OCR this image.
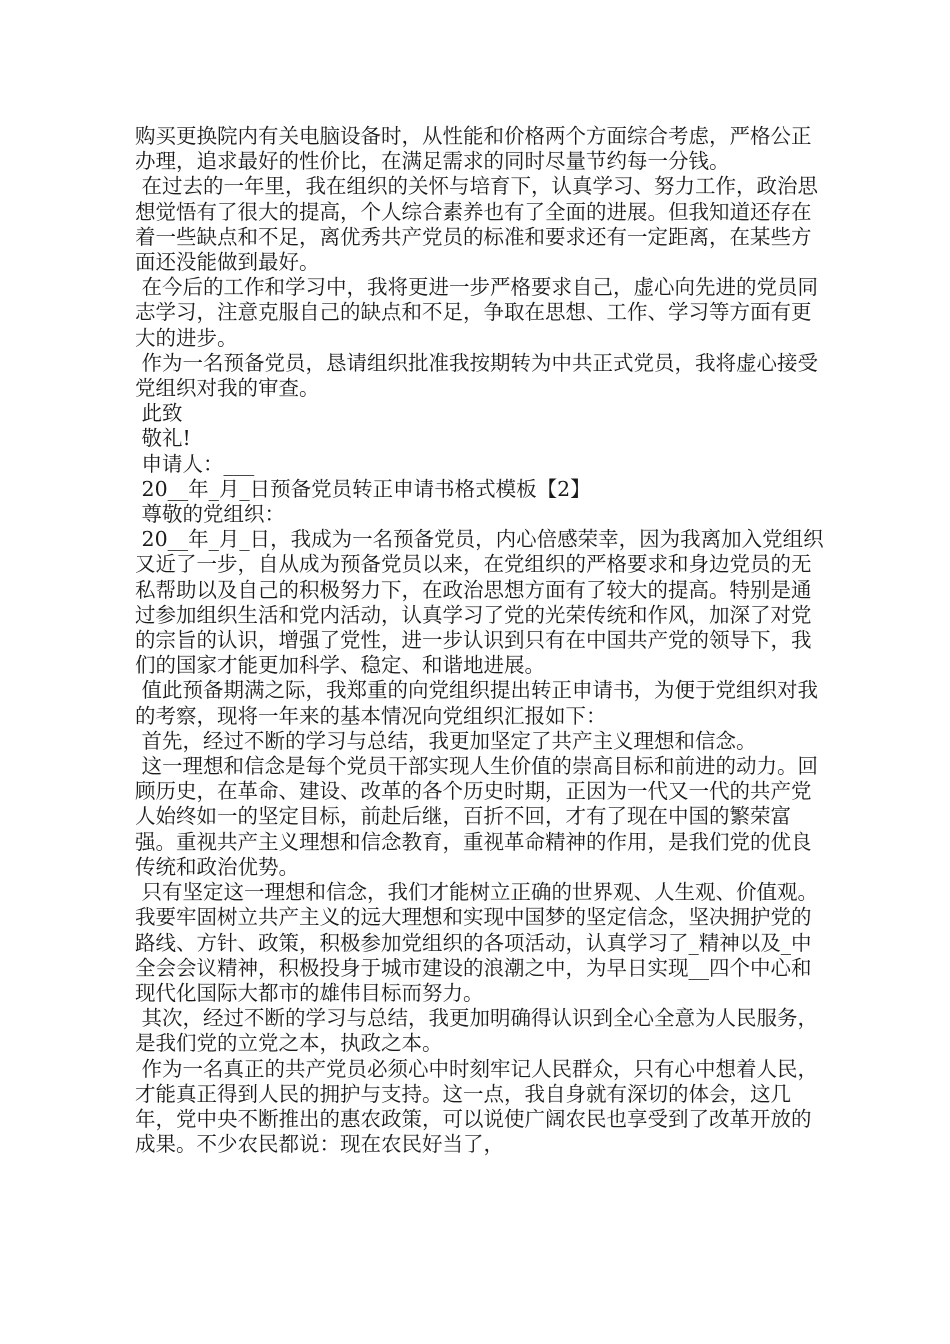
购买更换院内有关电脑设备时，从性能和价格两个方面综合考虑，严格公正办理，追求最好的性价比，在满足需求的同时尽量节约每一分钱。

在过去的一年里，我在组织的关怀与培育下，认真学习、努力工作，政治思想觉悟有了很大的提高，个人综合素养也有了全面的进展。但我知道还存在着一些缺点和不足，离优秀共产党员的标准和要求还有一定距离，在某些方面还没能做到最好。

在今后的工作和学习中，我将更进一步严格要求自己，虚心向先进的党员同志学习，注意克服自己的缺点和不足，争取在思想、工作、学习等方面有更大的进步。

作为一名预备党员，恳请组织批准我按期转为中共正式党员，我将虚心接受党组织对我的审查。

此致

敬礼!

申请人：___

20__年_月_日预备党员转正申请书格式模板【2】

尊敬的党组织：

20__年_月_日，我成为一名预备党员，内心倍感荣幸，因为我离加入党组织又近了一步，自从成为预备党员以来，在党组织的严格要求和身边党员的无私帮助以及自己的积极努力下，在政治思想方面有了较大的提高。特别是通过参加组织生活和党内活动，认真学习了党的光荣传统和作风，加深了对党的宗旨的认识，增强了党性，进一步认识到只有在中国共产党的领导下，我们的国家才能更加科学、稳定、和谐地进展。

值此预备期满之际，我郑重的向党组织提出转正申请书，为便于党组织对我的考察，现将一年来的基本情况向党组织汇报如下：

首先，经过不断的学习与总结，我更加坚定了共产主义理想和信念。

这一理想和信念是每个党员干部实现人生价值的崇高目标和前进的动力。回顾历史，在革命、建设、改革的各个历史时期，正因为一代又一代的共产党人始终如一的坚定目标，前赴后继，百折不回，才有了现在中国的繁荣富强。重视共产主义理想和信念教育，重视革命精神的作用，是我们党的优良传统和政治优势。

只有坚定这一理想和信念，我们才能树立正确的世界观、人生观、价值观。我要牢固树立共产主义的远大理想和实现中国梦的坚定信念，坚决拥护党的路线、方针、政策，积极参加党组织的各项活动，认真学习了_精神以及_中全会会议精神，积极投身于城市建设的浪潮之中，为早日实现__四个中心和现代化国际大都市的雄伟目标而努力。

其次，经过不断的学习与总结，我更加明确得认识到全心全意为人民服务，是我们党的立党之本，执政之本。

作为一名真正的共产党员必须心中时刻牢记人民群众，只有心中想着人民，才能真正得到人民的拥护与支持。这一点，我自身就有深切的体会，这几年，党中央不断推出的惠农政策，可以说使广阔农民也享受到了改革开放的成果。不少农民都说：现在农民好当了，
